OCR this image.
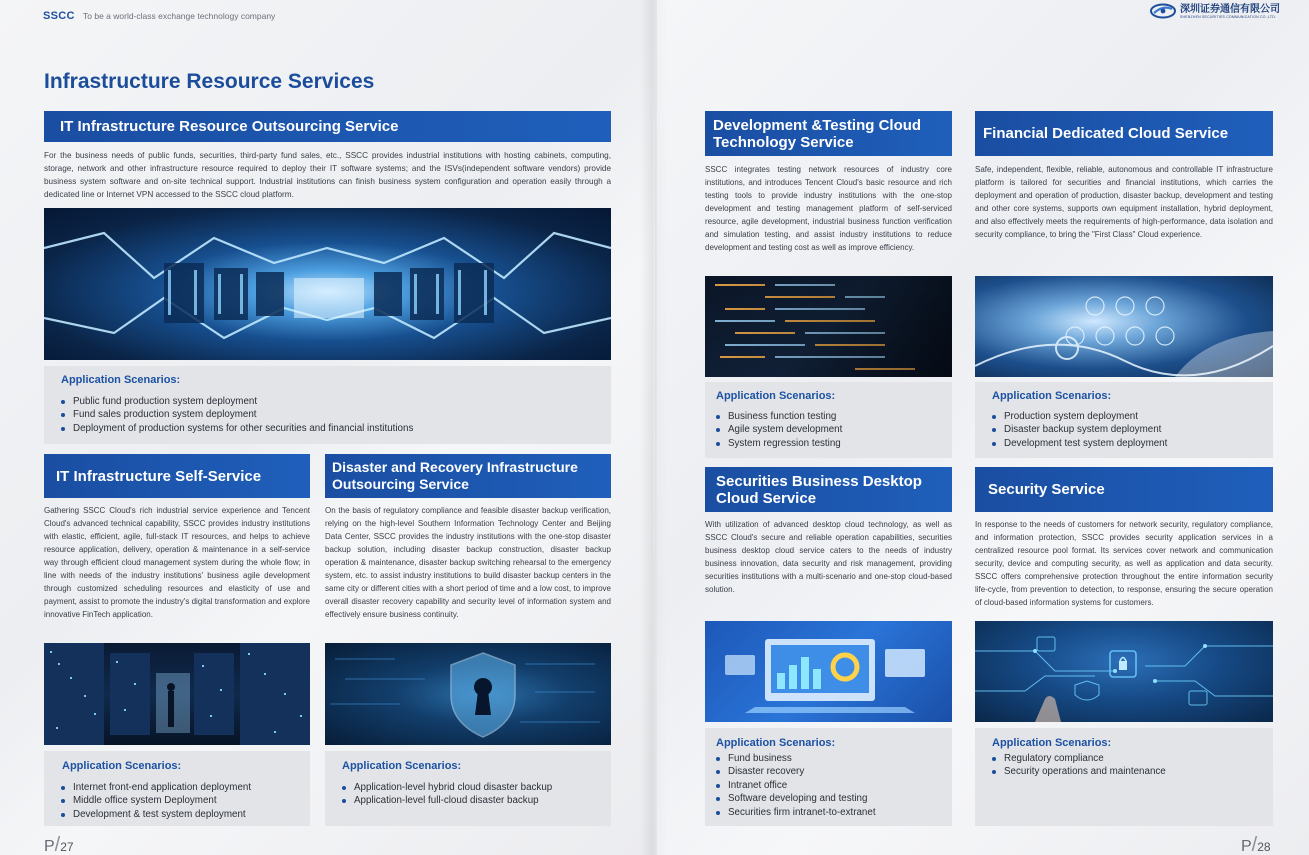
SSCC To be a world-class exchange technology company
深圳证券通信有限公司
SHENZHEN SECURITIES COMMUNICATION CO.,LTD.
Infrastructure Resource Services
IT Infrastructure Resource Outsourcing Service
For the business needs of public funds, securities, third-party fund sales, etc., SSCC provides industrial institutions with hosting cabinets, computing, storage, network and other infrastructure resource required to deploy their IT software systems; and the ISVs(independent software vendors) provide business system software and on-site technical support. Industrial institutions can finish business system configuration and operation easily through a dedicated line or Internet VPN accessed to the SSCC cloud platform.
Application Scenarios:
Public fund production system deployment
Fund sales production system deployment
Deployment of production systems for other securities and financial institutions
IT Infrastructure Self-Service
Gathering SSCC Cloud's rich industrial service experience and Tencent Cloud's advanced technical capability, SSCC provides industry institutions with elastic, efficient, agile, full-stack IT resources, and helps to achieve resource application, delivery, operation & maintenance in a self-service way through efficient cloud management system during the whole flow; in line with needs of the industry institutions' business agile development through customized scheduling resources and elasticity of use and payment, assist to promote the industry's digital transformation and explore innovative FinTech application.
Application Scenarios:
Internet front-end application deployment
Middle office system Deployment
Development & test system deployment
Disaster and Recovery Infrastructure
Outsourcing Service
On the basis of regulatory compliance and feasible disaster backup verification, relying on the high-level Southern Information Technology Center and Beijing Data Center, SSCC provides the industry institutions with the one-stop disaster backup solution, including disaster backup construction, disaster backup operation & maintenance, disaster backup switching rehearsal to the emergency system, etc. to assist industry institutions to build disaster backup centers in the same city or different cities with a short period of time and a low cost, to improve overall disaster recovery capability and security level of information system and effectively ensure business continuity.
Application Scenarios:
Application-level hybrid cloud disaster backup
Application-level full-cloud disaster backup
Development &Testing Cloud
Technology Service
SSCC integrates testing network resources of industry core institutions, and introduces Tencent Cloud's basic resource and rich testing tools to provide industry institutions with the one-stop development and testing management platform of self-serviced resource, agile development, industrial business function verification and simulation testing, and assist industry institutions to reduce development and testing cost as well as improve efficiency.
Application Scenarios:
Business function testing
Agile system development
System regression testing
Financial Dedicated Cloud Service
Safe, independent, flexible, reliable, autonomous and controllable IT infrastructure platform is tailored for securities and financial institutions, which carries the deployment and operation of production, disaster backup, development and testing and other core systems, supports own equipment installation, hybrid deployment, and also effectively meets the requirements of high-performance, data isolation and security compliance, to bring the "First Class" Cloud experience.
Application Scenarios:
Production system deployment
Disaster backup system deployment
Development test system deployment
Securities Business Desktop
Cloud Service
With utilization of advanced desktop cloud technology, as well as SSCC Cloud's secure and reliable operation capabilities, securities business desktop cloud service caters to the needs of industry business innovation, data security and risk management, providing securities institutions with a multi-scenario and one-stop cloud-based solution.
Application Scenarios:
Fund business
Disaster recovery
Intranet office
Software developing and testing
Securities firm intranet-to-extranet
Security Service
In response to the needs of customers for network security, regulatory compliance, and information protection, SSCC provides security application services in a centralized resource pool format. Its services cover network and communication security, device and computing security, as well as application and data security. SSCC offers comprehensive protection throughout the entire information security life-cycle, from prevention to detection, to response, ensuring the secure operation of cloud-based information systems for customers.
Application Scenarios:
Regulatory compliance
Security operations and maintenance
P/27	P/28
